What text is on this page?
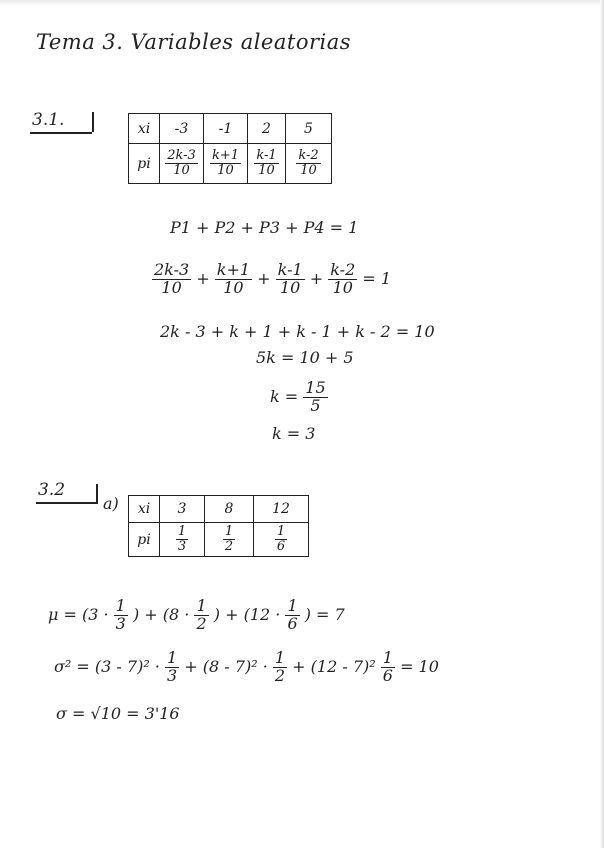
Tema 3. Variables aleatorias
3.1.	xi	-3	-1	2	5
pi	$\frac{2k-3}{10}$	$\frac{k+1}{10}$	$\frac{k-1}{10}$	$\frac{k-2}{10}$
P1 + P2 + P3 + P4 = 1
$\frac{2k-3}{10} + \frac{k+1}{10} + \frac{k-1}{10} + \frac{k-2}{10} = 1$
2k - 3 + k + 1 + k - 1 + k - 2 = 10
5k = 10 + 5
$k = \frac{15}{5}$
k = 3
3.2
a) xi	3	8	12
pi	$\frac{1}{3}$	$\frac{1}{2}$	$\frac{1}{6}$
$\mu = (3 \cdot \frac{1}{3}$ ) + ($8 \cdot \frac{1}{2}$ ) + ($12 \cdot \frac{1}{6}$ ) = 7
$\sigma^2 = (3 - 7)^2 \cdot \frac{1}{3} + (8 - 7)^2 \cdot \frac{1}{2} + (12 - 7)^2 \frac{1}{6} = 10$
σ = √10 = 3'16
